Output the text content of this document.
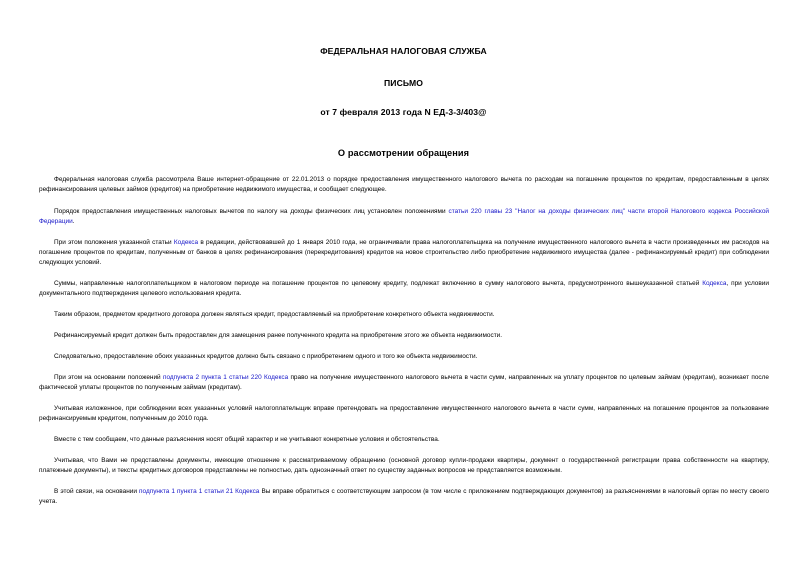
ФЕДЕРАЛЬНАЯ НАЛОГОВАЯ СЛУЖБА
ПИСЬМО
от 7 февраля 2013 года N ЕД-3-3/403@
О рассмотрении обращения

Федеральная налоговая служба рассмотрела Ваше интернет-обращение от 22.01.2013 о порядке предоставления имущественного налогового вычета по расходам на погашение процентов по кредитам, предоставленным в целях рефинансирования целевых займов (кредитов) на приобретение недвижимого имущества, и сообщает следующее.

Порядок предоставления имущественных налоговых вычетов по налогу на доходы физических лиц установлен положениями статьи 220 главы 23 "Налог на доходы физических лиц" части второй Налогового кодекса Российской Федерации.

При этом положения указанной статьи Кодекса в редакции, действовавшей до 1 января 2010 года, не ограничивали права налогоплательщика на получение имущественного налогового вычета в части произведенных им расходов на погашение процентов по кредитам, полученным от банков в целях рефинансирования (перекредитования) кредитов на новое строительство либо приобретение недвижимого имущества (далее - рефинансируемый кредит) при соблюдении следующих условий.

Суммы, направленные налогоплательщиком в налоговом периоде на погашение процентов по целевому кредиту, подлежат включению в сумму налогового вычета, предусмотренного вышеуказанной статьей Кодекса, при условии документального подтверждения целевого использования кредита.

Таким образом, предметом кредитного договора должен являться кредит, предоставляемый на приобретение конкретного объекта недвижимости.

Рефинансируемый кредит должен быть предоставлен для замещения ранее полученного кредита на приобретение этого же объекта недвижимости.

Следовательно, предоставление обоих указанных кредитов должно быть связано с приобретением одного и того же объекта недвижимости.

При этом на основании положений подпункта 2 пункта 1 статьи 220 Кодекса право на получение имущественного налогового вычета в части сумм, направленных на уплату процентов по целевым займам (кредитам), возникает после фактической уплаты процентов по полученным займам (кредитам).

Учитывая изложенное, при соблюдении всех указанных условий налогоплательщик вправе претендовать на предоставление имущественного налогового вычета в части сумм, направленных на погашение процентов за пользование рефинансируемым кредитом, полученным до 2010 года.

Вместе с тем сообщаем, что данные разъяснения носят общий характер и не учитывают конкретные условия и обстоятельства.

Учитывая, что Вами не представлены документы, имеющие отношение к рассматриваемому обращению (основной договор купли-продажи квартиры, документ о государственной регистрации права собственности на квартиру, платежные документы), и тексты кредитных договоров представлены не полностью, дать однозначный ответ по существу заданных вопросов не представляется возможным.

В этой связи, на основании подпункта 1 пункта 1 статьи 21 Кодекса Вы вправе обратиться с соответствующим запросом (в том числе с приложением подтверждающих документов) за разъяснениями в налоговый орган по месту своего учета.
